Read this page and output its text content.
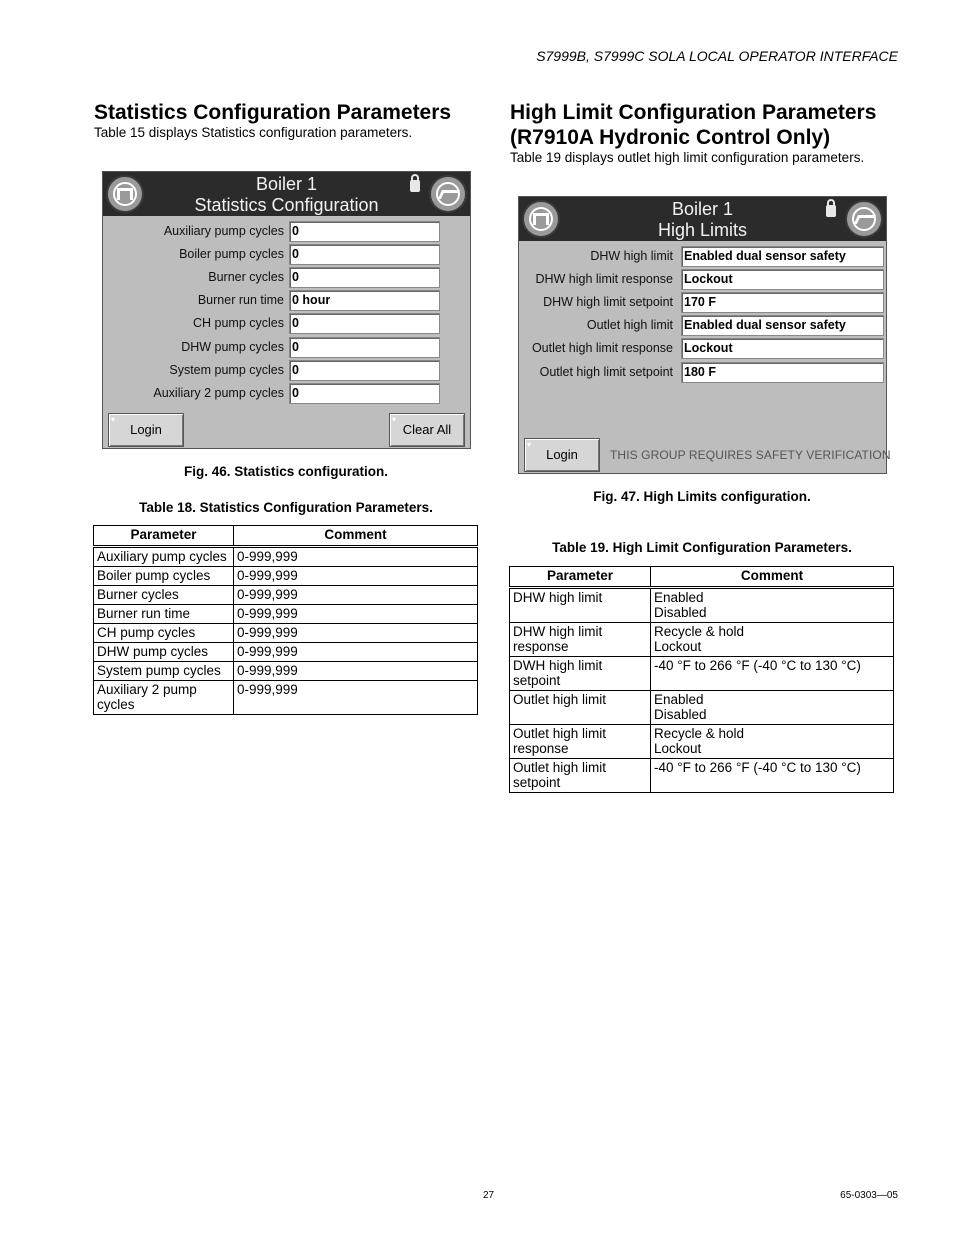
S7999B, S7999C SOLA LOCAL OPERATOR INTERFACE
Statistics Configuration Parameters
Table 15 displays Statistics configuration parameters.
Boiler 1
Statistics Configuration
Auxiliary pump cycles 0
Boiler pump cycles 0
Burner cycles 0
Burner run time 0 hour
CH pump cycles 0
DHW pump cycles 0
System pump cycles 0
Auxiliary 2 pump cycles 0
▾ Login	▾ Clear All
Fig. 46. Statistics configuration.
Table 18. Statistics Configuration Parameters.
Parameter	Comment

Auxiliary pump cycles	0-999,999

Boiler pump cycles	0-999,999

Burner cycles	0-999,999

Burner run time	0-999,999

CH pump cycles	0-999,999

DHW pump cycles	0-999,999

System pump cycles	0-999,999

Auxiliary 2 pump cycles	0-999,999
High Limit Configuration Parameters
(R7910A Hydronic Control Only)
Table 19 displays outlet high limit configuration parameters.
Boiler 1
High Limits
DHW high limit Enabled dual sensor safety
DHW high limit response Lockout
DHW high limit setpoint 170 F
Outlet high limit Enabled dual sensor safety
Outlet high limit response Lockout
Outlet high limit setpoint 180 F
▾ Login	THIS GROUP REQUIRES SAFETY VERIFICATION
Fig. 47. High Limits configuration.
Table 19. High Limit Configuration Parameters.
Parameter	Comment

DHW high limit	Enabled
Disabled

DHW high limit
response	Recycle & hold
Lockout

DWH high limit
setpoint	-40 °F to 266 °F (-40 °C to 130 °C)

Outlet high limit	Enabled
Disabled

Outlet high limit
response	Recycle & hold
Lockout

Outlet high limit
setpoint	-40 °F to 266 °F (-40 °C to 130 °C)
27	65-0303—05
